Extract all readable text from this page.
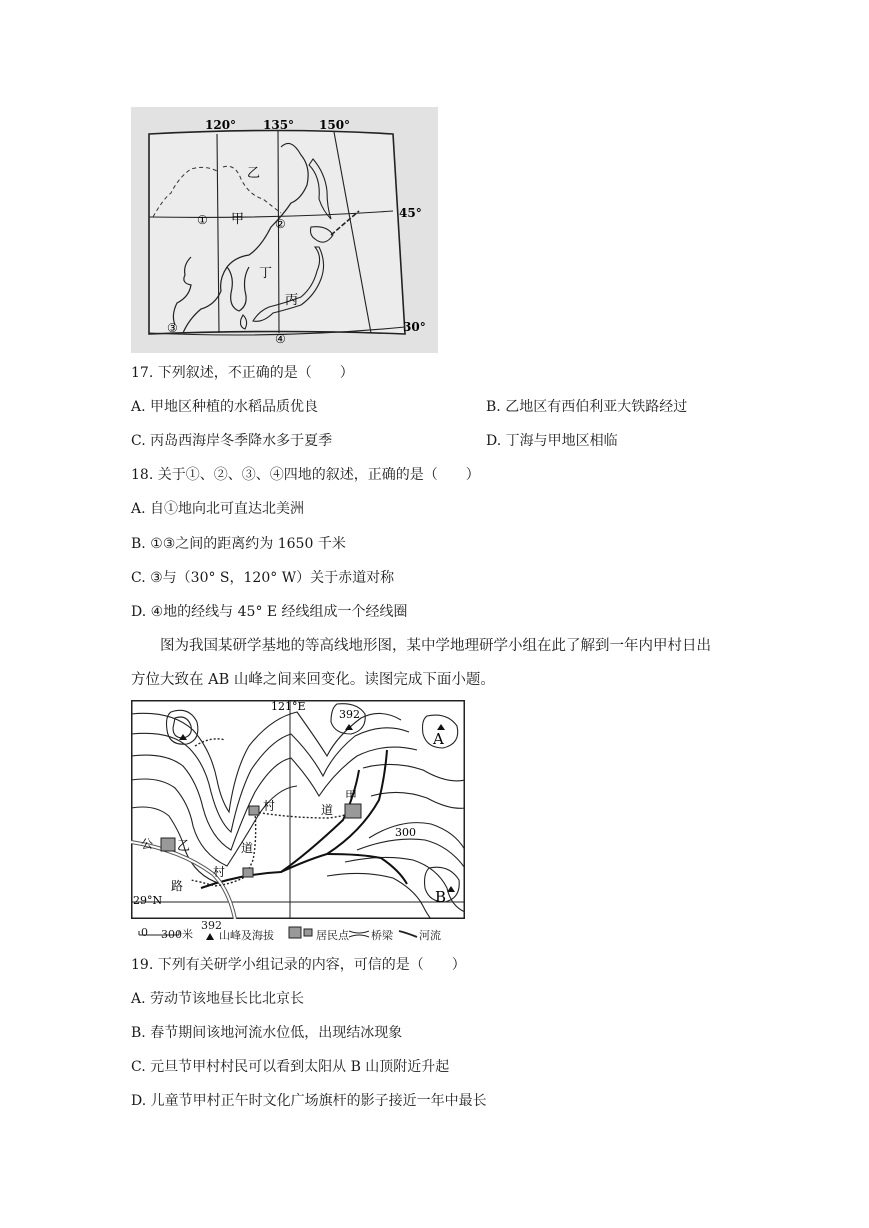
120° 135° 150°
45°
30°
乙
甲
丁
丙
①	②
③
④
17. 下列叙述，不正确的是（　　）
A. 甲地区种植的水稻品质优良	B. 乙地区有西伯利亚大铁路经过
C. 丙岛西海岸冬季降水多于夏季	D. 丁海与甲地区相临
18. 关于①、②、③、④四地的叙述，正确的是（　　）
A. 自①地向北可直达北美洲
B. ①③之间的距离约为 1650 千米
C. ③与（30° S，120° W）关于赤道对称
D. ④地的经线与 45° E 经线组成一个经线圈
图为我国某研学基地的等高线地形图，某中学地理研学小组在此了解到一年内甲村日出
方位大致在 AB 山峰之间来回变化。读图完成下面小题。
121°E
29°N
392
300
A
B
甲
乙
公
路
村	道
道
村
0 300米
392
山峰及海拔	居民点 桥梁 河流
19. 下列有关研学小组记录的内容，可信的是（　　）
A. 劳动节该地昼长比北京长
B. 春节期间该地河流水位低，出现结冰现象
C. 元旦节甲村村民可以看到太阳从 B 山顶附近升起
D. 儿童节甲村正午时文化广场旗杆的影子接近一年中最长
